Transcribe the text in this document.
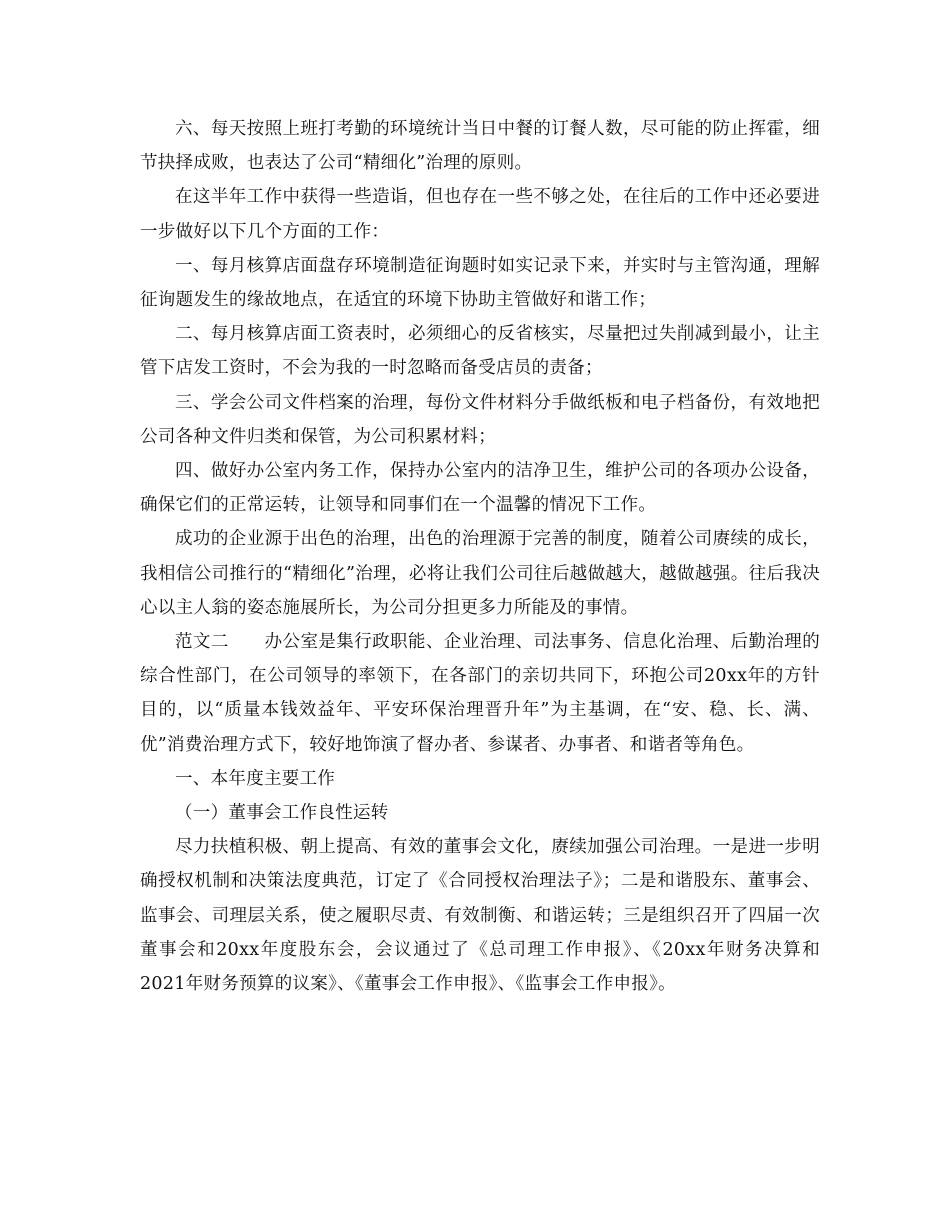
六、每天按照上班打考勤的环境统计当日中餐的订餐人数，尽可能的防止挥霍，细节抉择成败，也表达了公司“精细化”治理的原则。

在这半年工作中获得一些造诣，但也存在一些不够之处，在往后的工作中还必要进一步做好以下几个方面的工作：

一、每月核算店面盘存环境制造征询题时如实记录下来，并实时与主管沟通，理解征询题发生的缘故地点，在适宜的环境下协助主管做好和谐工作；

二、每月核算店面工资表时，必须细心的反省核实，尽量把过失削减到最小，让主管下店发工资时，不会为我的一时忽略而备受店员的责备；

三、学会公司文件档案的治理，每份文件材料分手做纸板和电子档备份，有效地把公司各种文件归类和保管，为公司积累材料；

四、做好办公室内务工作，保持办公室内的洁净卫生，维护公司的各项办公设备，确保它们的正常运转，让领导和同事们在一个温馨的情况下工作。

成功的企业源于出色的治理，出色的治理源于完善的制度，随着公司赓续的成长，我相信公司推行的“精细化”治理，必将让我们公司往后越做越大，越做越强。往后我决心以主人翁的姿态施展所长，为公司分担更多力所能及的事情。

范文二　　办公室是集行政职能、企业治理、司法事务、信息化治理、后勤治理的综合性部门，在公司领导的率领下，在各部门的亲切共同下，环抱公司20xx年的方针目的，以“质量本钱效益年、平安环保治理晋升年”为主基调，在“安、稳、长、满、优”消费治理方式下，较好地饰演了督办者、参谋者、办事者、和谐者等角色。

一、本年度主要工作

（一）董事会工作良性运转

尽力扶植积极、朝上提高、有效的董事会文化，赓续加强公司治理。一是进一步明确授权机制和决策法度典范，订定了《合同授权治理法子》；二是和谐股东、董事会、监事会、司理层关系，使之履职尽责、有效制衡、和谐运转；三是组织召开了四届一次董事会和20xx年度股东会，会议通过了《总司理工作申报》、《20xx年财务决算和2021年财务预算的议案》、《董事会工作申报》、《监事会工作申报》。
